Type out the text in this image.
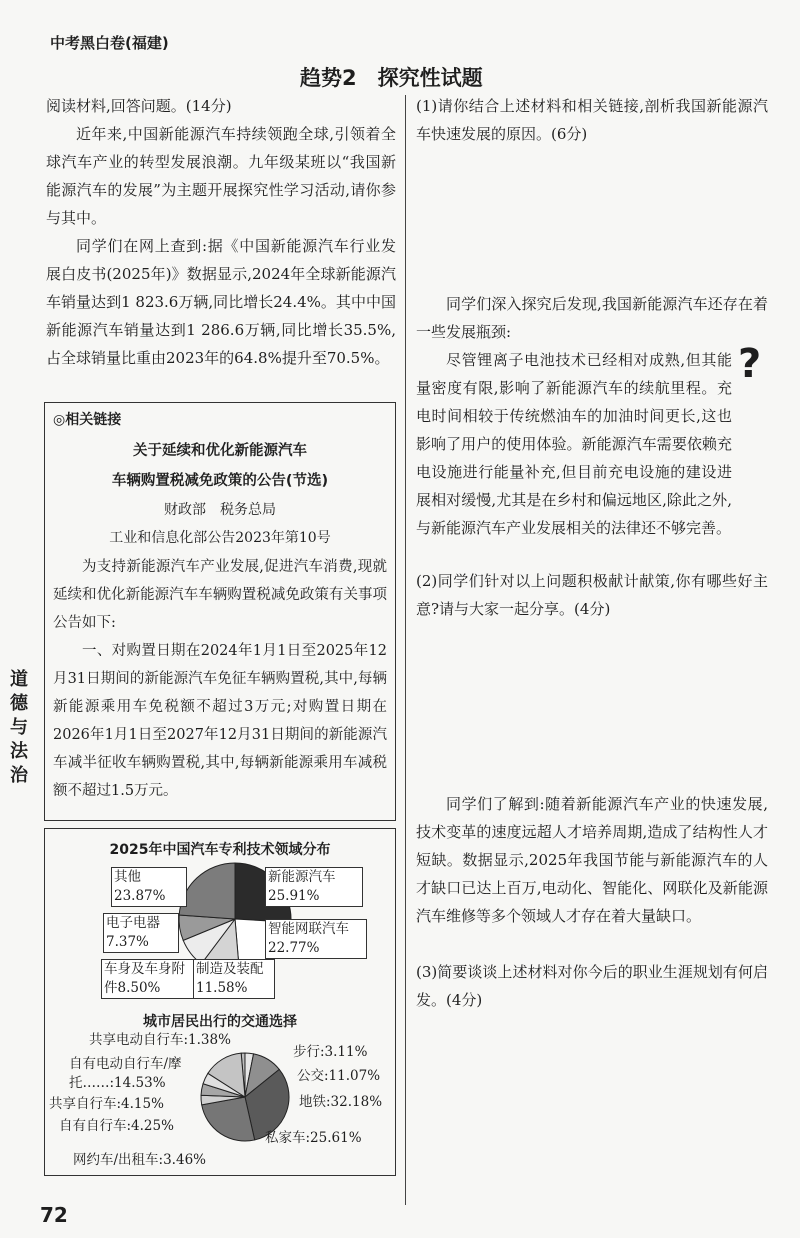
中考黑白卷(福建)
趋势2　探究性试题
道德与法治
72

阅读材料,回答问题。(14分)

近年来,中国新能源汽车持续领跑全球,引领着全球汽车产业的转型发展浪潮。九年级某班以“我国新能源汽车的发展”为主题开展探究性学习活动,请你参与其中。

同学们在网上查到:据《中国新能源汽车行业发展白皮书(2025年)》数据显示,2024年全球新能源汽车销量达到1 823.6万辆,同比增长24.4%。其中中国新能源汽车销量达到1 286.6万辆,同比增长35.5%,占全球销量比重由2023年的64.8%提升至70.5%。

◎相关链接
关于延续和优化新能源汽车
车辆购置税减免政策的公告(节选)
财政部　税务总局
工业和信息化部公告2023年第10号

为支持新能源汽车产业发展,促进汽车消费,现就延续和优化新能源汽车车辆购置税减免政策有关事项公告如下:

一、对购置日期在2024年1月1日至2025年12月31日期间的新能源汽车免征车辆购置税,其中,每辆新能源乘用车免税额不超过3万元;对购置日期在2026年1月1日至2027年12月31日期间的新能源汽车减半征收车辆购置税,其中,每辆新能源乘用车减税额不超过1.5万元。

2025年中国汽车专利技术领域分布
其他23.87%
新能源汽车25.91%
电子电器7.37%
智能网联汽车22.77%
车身及车身附件8.50%
制造及装配11.58%
城市居民出行的交通选择
共享电动自行车:1.38%
自有电动自行车/摩托……:14.53%
共享自行车:4.15%
自有自行车:4.25%
网约车/出租车:3.46%
步行:3.11%
公交:11.07%
地铁:32.18%
私家车:25.61%

(1)请你结合上述材料和相关链接,剖析我国新能源汽车快速发展的原因。(6分)

同学们深入探究后发现,我国新能源汽车还存在着一些发展瓶颈:

尽管锂离子电池技术已经相对成熟,但其能量密度有限,影响了新能源汽车的续航里程。充电时间相较于传统燃油车的加油时间更长,这也影响了用户的使用体验。新能源汽车需要依赖充电设施进行能量补充,但目前充电设施的建设进展相对缓慢,尤其是在乡村和偏远地区,除此之外,与新能源汽车产业发展相关的法律还不够完善。

?

(2)同学们针对以上问题积极献计献策,你有哪些好主意?请与大家一起分享。(4分)

同学们了解到:随着新能源汽车产业的快速发展,技术变革的速度远超人才培养周期,造成了结构性人才短缺。数据显示,2025年我国节能与新能源汽车的人才缺口已达上百万,电动化、智能化、网联化及新能源汽车维修等多个领域人才存在着大量缺口。

(3)简要谈谈上述材料对你今后的职业生涯规划有何启发。(4分)
